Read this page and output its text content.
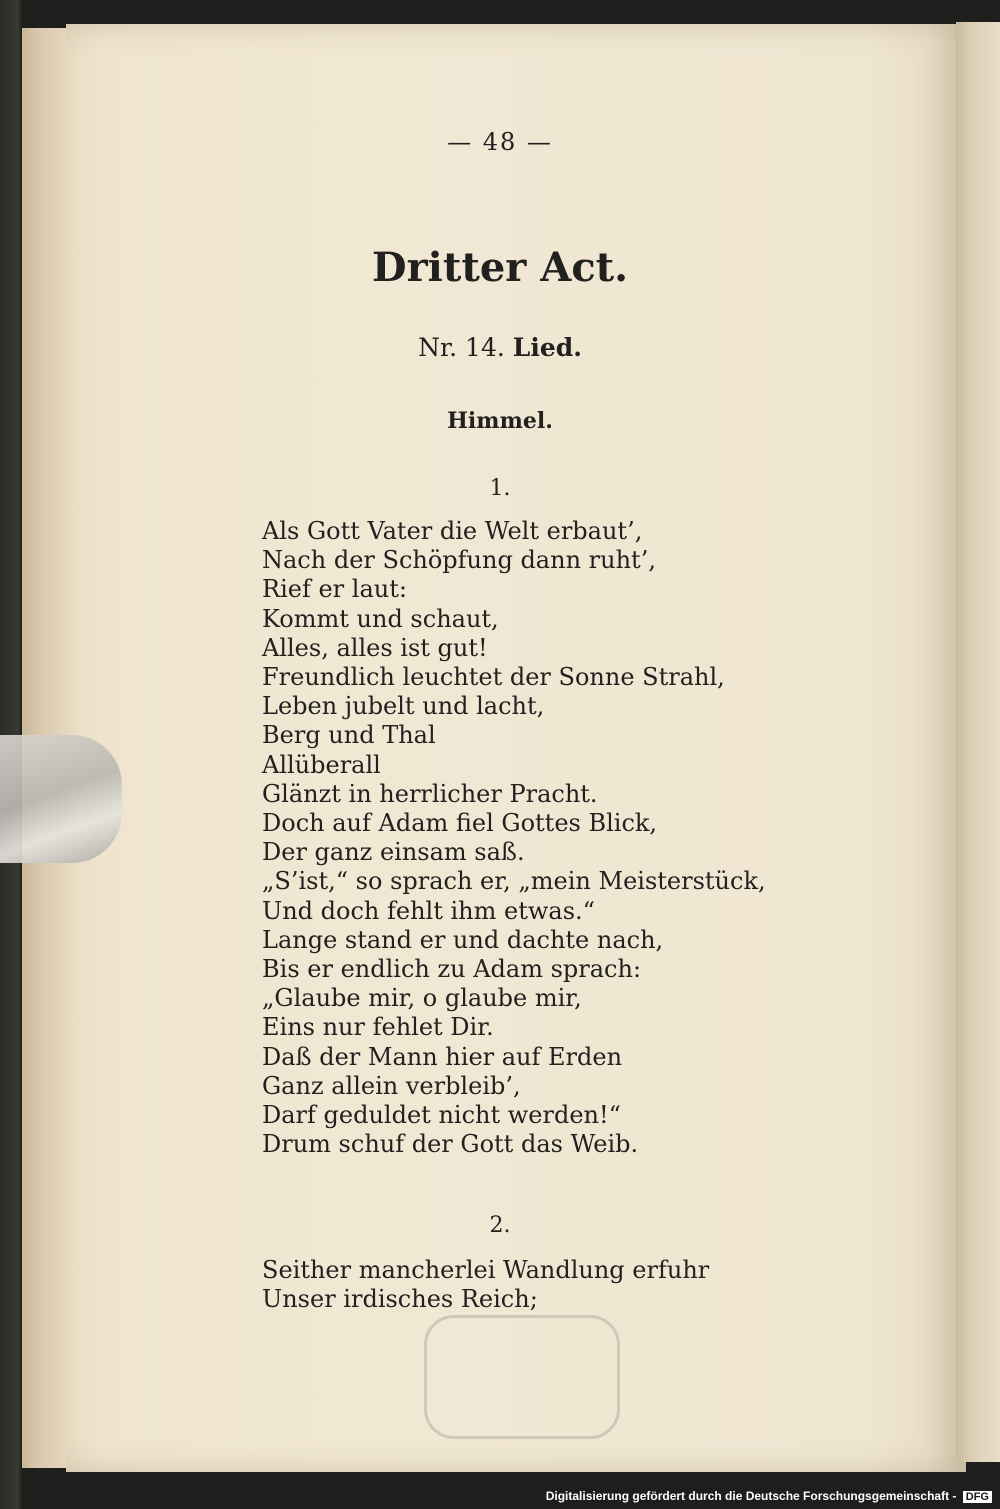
— 48 —
Dritter Act.
Nr. 14. Lied.
Himmel.
1.
Als Gott Vater die Welt erbaut’,
Nach der Schöpfung dann ruht’,
Rief er laut:
Kommt und schaut,
Alles, alles ist gut!
Freundlich leuchtet der Sonne Strahl,
Leben jubelt und lacht,
Berg und Thal
Allüberall
Glänzt in herrlicher Pracht.
Doch auf Adam fiel Gottes Blick,
Der ganz einsam saß.
„S’ist,“ so sprach er, „mein Meisterstück,
Und doch fehlt ihm etwas.“
Lange stand er und dachte nach,
Bis er endlich zu Adam sprach:
„Glaube mir, o glaube mir,
Eins nur fehlet Dir.
Daß der Mann hier auf Erden
Ganz allein verbleib’,
Darf geduldet nicht werden!“
Drum schuf der Gott das Weib.
2.
Seither mancherlei Wandlung erfuhr
Unser irdisches Reich;
Digitalisierung gefördert durch die Deutsche Forschungsgemeinschaft - DFG
